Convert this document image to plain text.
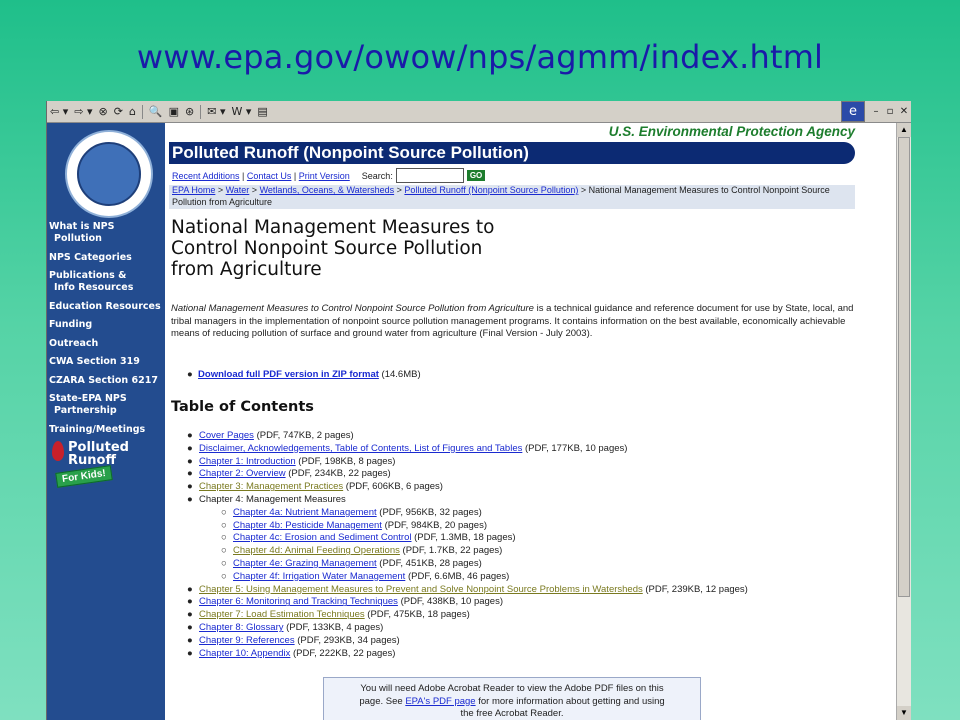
www.epa.gov/owow/nps/agmm/index.html
⇦ ▾ ⇨ ▾ ⊗ ⟳ ⌂ 🔍 ▣ ⊛ ✉ ▾ W ▾ ▤	e	– ▫ ✕
What is NPS
Pollution
NPS Categories
Publications &
Info Resources
Education Resources
Funding
Outreach
CWA Section 319
CZARA Section 6217
State-EPA NPS
Partnership
Training/Meetings
Polluted
Runoff
For Kids!
U.S. Environmental Protection Agency
Polluted Runoff (Nonpoint Source Pollution)
Recent Additions | Contact Us | Print Version Search:	GO
EPA Home > Water > Wetlands, Oceans, & Watersheds > Polluted Runoff (Nonpoint Source Pollution) > National Management Measures to Control Nonpoint Source
Pollution from Agriculture
National Management Measures to
Control Nonpoint Source Pollution
from Agriculture

National Management Measures to Control Nonpoint Source Pollution from Agriculture is a technical guidance and reference document for use by State, local, and tribal managers in the implementation of nonpoint source pollution management programs. It contains information on the best available, economically achievable means of reducing pollution of surface and ground water from agriculture (Final Version - July 2003).

●  Download full PDF version in ZIP format (14.6MB)
Table of Contents
● Cover Pages (PDF, 747KB, 2 pages)
● Disclaimer, Acknowledgements, Table of Contents, List of Figures and Tables (PDF, 177KB, 10 pages)
● Chapter 1: Introduction (PDF, 198KB, 8 pages)
● Chapter 2: Overview (PDF, 234KB, 22 pages)
● Chapter 3: Management Practices (PDF, 606KB, 6 pages)
● Chapter 4: Management Measures
○ Chapter 4a: Nutrient Management (PDF, 956KB, 32 pages)
○ Chapter 4b: Pesticide Management (PDF, 984KB, 20 pages)
○ Chapter 4c: Erosion and Sediment Control (PDF, 1.3MB, 18 pages)
○ Chapter 4d: Animal Feeding Operations (PDF, 1.7KB, 22 pages)
○ Chapter 4e: Grazing Management (PDF, 451KB, 28 pages)
○ Chapter 4f: Irrigation Water Management (PDF, 6.6MB, 46 pages)
● Chapter 5: Using Management Measures to Prevent and Solve Nonpoint Source Problems in Watersheds (PDF, 239KB, 12 pages)
● Chapter 6: Monitoring and Tracking Techniques (PDF, 438KB, 10 pages)
● Chapter 7: Load Estimation Techniques (PDF, 475KB, 18 pages)
● Chapter 8: Glossary (PDF, 133KB, 4 pages)
● Chapter 9: References (PDF, 293KB, 34 pages)
● Chapter 10: Appendix (PDF, 222KB, 22 pages)
You will need Adobe Acrobat Reader to view the Adobe PDF files on this
page. See EPA's PDF page for more information about getting and using
the free Acrobat Reader.
▲
▼
